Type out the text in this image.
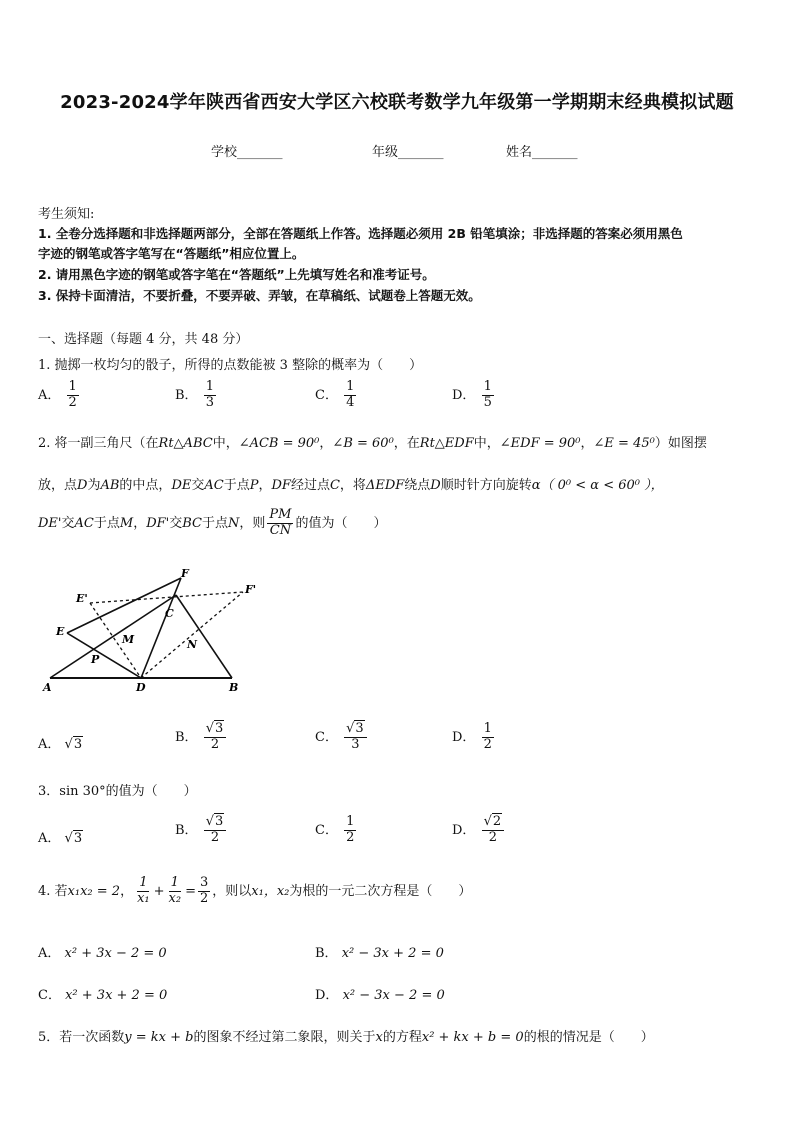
2023-2024学年陕西省西安大学区六校联考数学九年级第一学期期末经典模拟试题
学校_______	年级_______	姓名_______
考生须知:
1. 全卷分选择题和非选择题两部分，全部在答题纸上作答。选择题必须用 2B 铅笔填涂；非选择题的答案必须用黑色
字迹的钢笔或答字笔写在“答题纸”相应位置上。
2. 请用黑色字迹的钢笔或答字笔在“答题纸”上先填写姓名和准考证号。
3. 保持卡面清洁，不要折叠，不要弄破、弄皱，在草稿纸、试题卷上答题无效。
一、选择题（每题 4 分，共 48 分）
1. 抛掷一枚均匀的骰子，所得的点数能被 3 整除的概率为（　　）
A． $\frac{1}{2}$	B． $\frac{1}{3}$	C． $\frac{1}{4}$	D． $\frac{1}{5}$
2. 将一副三角尺（在Rt△ABC中，∠ACB = 90⁰，∠B = 60⁰，在Rt△EDF中，∠EDF = 90⁰，∠E = 45⁰）如图摆
放，点D为AB的中点，DE交AC于点P，DF经过点C，将ΔEDF绕点D顺时针方向旋转α（ 0⁰ < α < 60⁰ ），
DE'交AC于点M，DF'交BC于点N，则 $\frac{PM}{CN}$ 的值为（　　）
F
E'
F'
E
C
M	N
P
A	D	B
A． √3	B． $\frac{√3}{2}$	C． $\frac{√3}{3}$	D． $\frac{1}{2}$
3．sin 30°的值为（　　）
A． √3
B． $\frac{√3}{2}$	C． $\frac{1}{2}$	D． $\frac{√2}{2}$
4. 若x₁x₂ = 2， $\frac{1}{\text{x₁}} + \frac{1}{\text{x₂}} = \frac{3}{2}$ ，则以x₁，x₂为根的一元二次方程是（　　）
A． x² + 3x − 2 = 0	B． x² − 3x + 2 = 0
C． x² + 3x + 2 = 0	D． x² − 3x − 2 = 0
5．若一次函数y = kx + b的图象不经过第二象限，则关于x的方程x² + kx + b = 0的根的情况是（　　）
